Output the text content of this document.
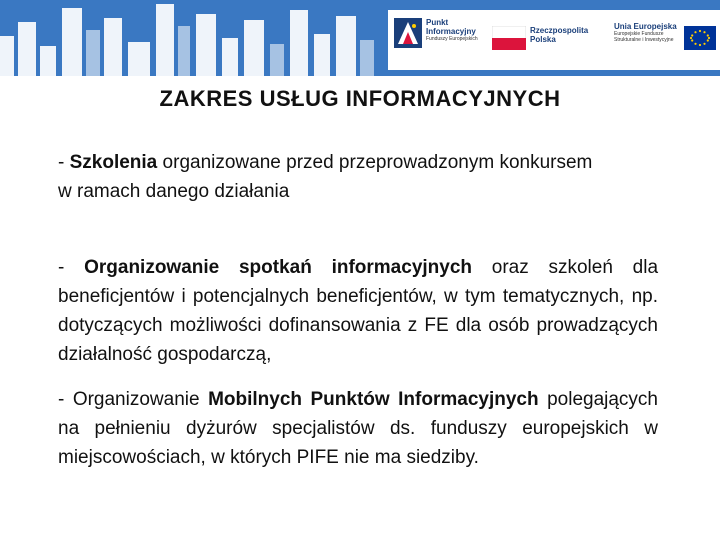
Punkt
Informacyjny
Funduszy Europejskich
Rzeczpospolita
Polska
Unia Europejska
Europejskie Fundusze
Strukturalne i Inwestycyjne
ZAKRES USŁUG INFORMACYJNYCH

- Szkolenia organizowane przed przeprowadzonym konkursem
w ramach danego działania

- Organizowanie spotkań informacyjnych oraz szkoleń dla beneficjentów i potencjalnych beneficjentów, w tym tematycznych, np. dotyczących możliwości dofinansowania z FE dla osób prowadzących działalność gospodarczą,

- Organizowanie Mobilnych Punktów Informacyjnych polegających na pełnieniu dyżurów specjalistów ds. funduszy europejskich w miejscowościach, w których PIFE nie ma siedziby.
